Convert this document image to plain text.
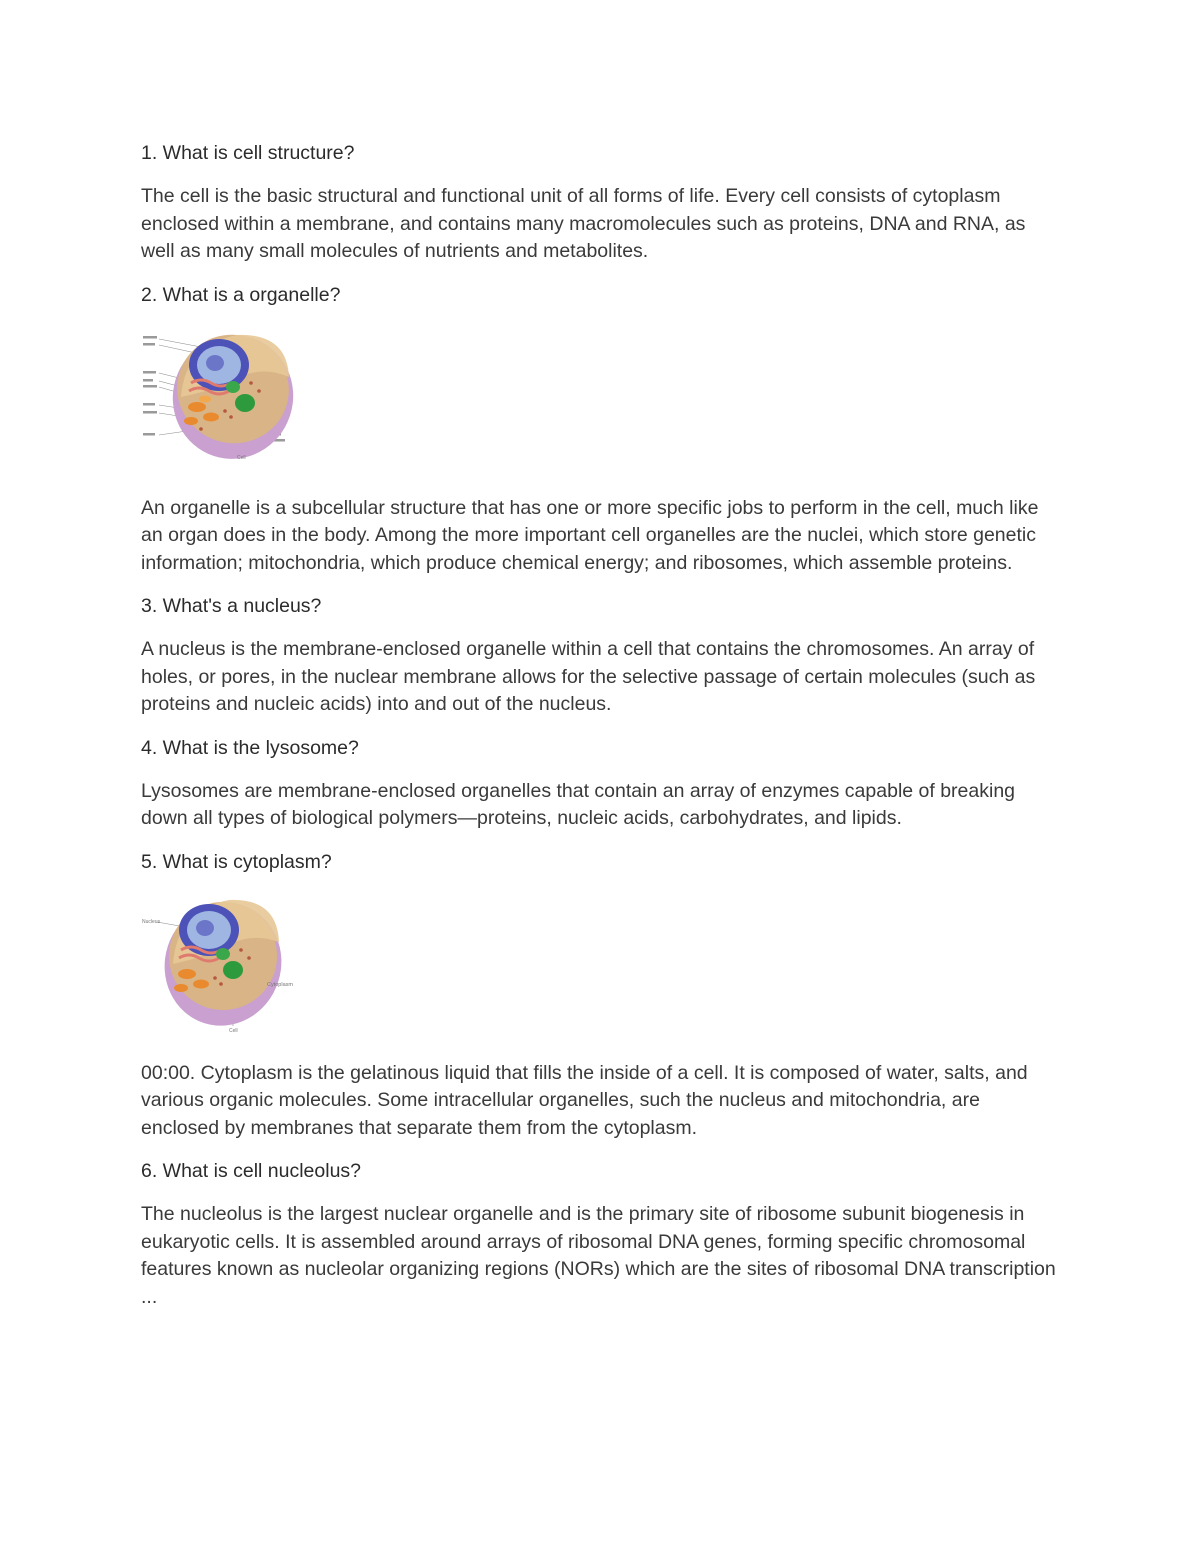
1. What is cell structure?

The cell is the basic structural and functional unit of all forms of life. Every cell consists of cytoplasm enclosed within a membrane, and contains many macromolecules such as proteins, DNA and RNA, as well as many small molecules of nutrients and metabolites.

2. What is a organelle?

Cell

An organelle is a subcellular structure that has one or more specific jobs to perform in the cell, much like an organ does in the body. Among the more important cell organelles are the nuclei, which store genetic information; mitochondria, which produce chemical energy; and ribosomes, which assemble proteins.

3. What's a nucleus?

A nucleus is the membrane-enclosed organelle within a cell that contains the chromosomes. An array of holes, or pores, in the nuclear membrane allows for the selective passage of certain molecules (such as proteins and nucleic acids) into and out of the nucleus.

4. What is the lysosome?

Lysosomes are membrane-enclosed organelles that contain an array of enzymes capable of breaking down all types of biological polymers—proteins, nucleic acids, carbohydrates, and lipids.

5. What is cytoplasm?

Nucleus
Cytoplasm
Cell

00:00. Cytoplasm is the gelatinous liquid that fills the inside of a cell. It is composed of water, salts, and various organic molecules. Some intracellular organelles, such the nucleus and mitochondria, are enclosed by membranes that separate them from the cytoplasm.

6. What is cell nucleolus?

The nucleolus is the largest nuclear organelle and is the primary site of ribosome subunit biogenesis in eukaryotic cells. It is assembled around arrays of ribosomal DNA genes, forming specific chromosomal features known as nucleolar organizing regions (NORs) which are the sites of ribosomal DNA transcription ...
